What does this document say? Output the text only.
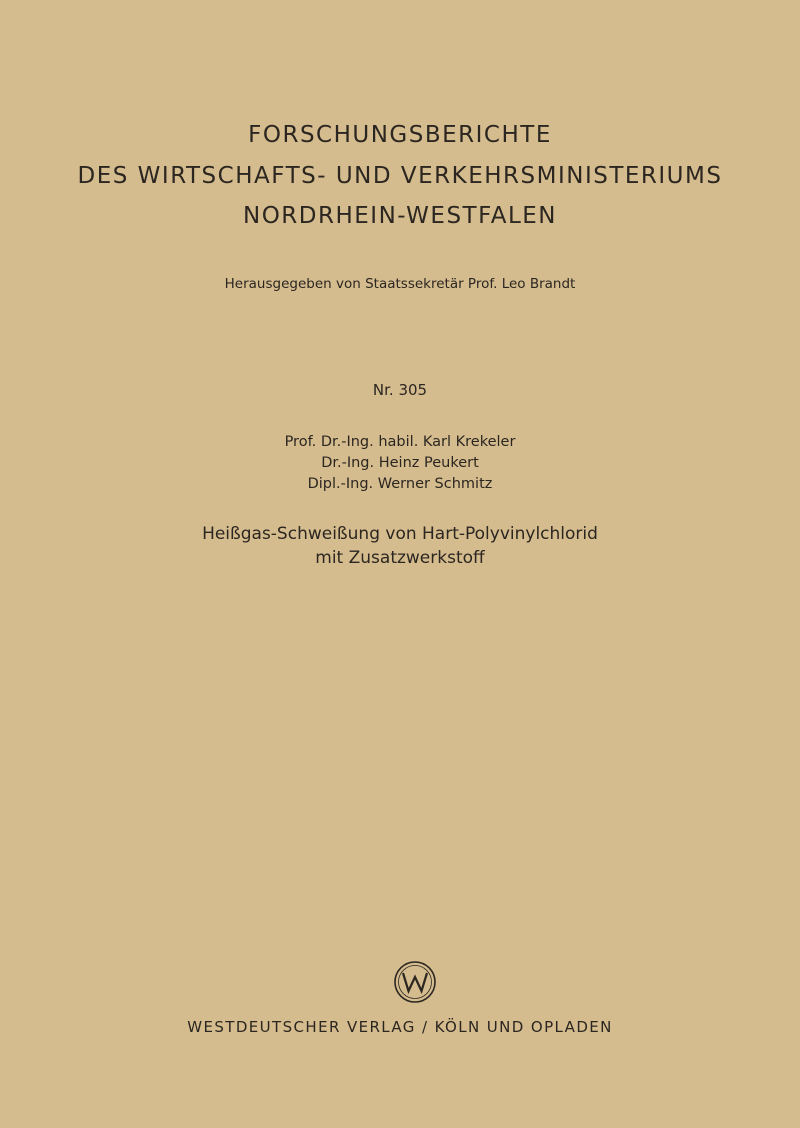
FORSCHUNGSBERICHTE
DES WIRTSCHAFTS- UND VERKEHRSMINISTERIUMS
NORDRHEIN-WESTFALEN
Herausgegeben von Staatssekretär Prof. Leo Brandt
Nr. 305
Prof. Dr.-Ing. habil. Karl Krekeler
Dr.-Ing. Heinz Peukert
Dipl.-Ing. Werner Schmitz
Heißgas-Schweißung von Hart-Polyvinylchlorid
mit Zusatzwerkstoff
WESTDEUTSCHER VERLAG / KÖLN UND OPLADEN
